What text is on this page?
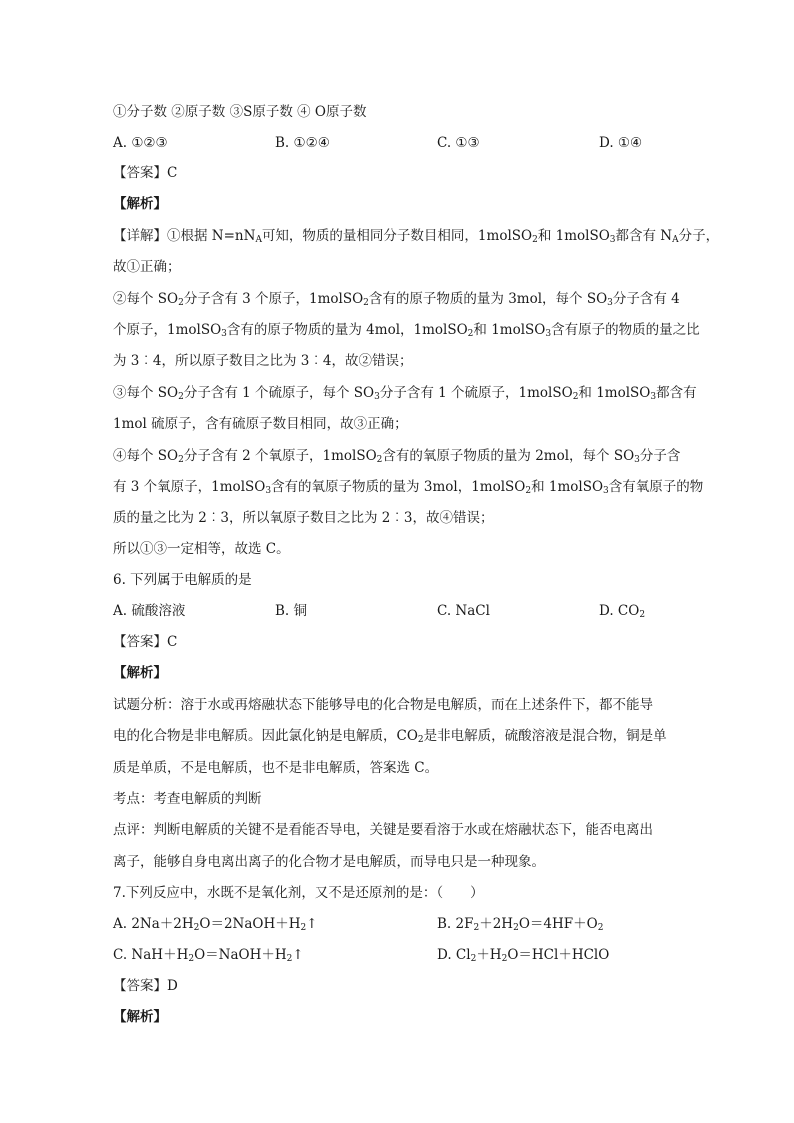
①分子数 ②原子数 ③S原子数 ④ O原子数
A. ①②③	B. ①②④	C. ①③	D. ①④
【答案】C
【解析】
【详解】①根据 $N=nN_A$可知，物质的量相同分子数目相同，1molSO$_2$和 1molSO$_3$都含有 $N_A$分子，
故①正确；
②每个 $SO_2$分子含有 3 个原子，1molSO$_2$含有的原子物质的量为 3mol，每个 $SO_3$分子含有 4
个原子，1molSO$_3$含有的原子物质的量为 4mol，1molSO$_2$和 1molSO$_3$含有原子的物质的量之比
为 3︰4，所以原子数目之比为 3︰4，故②错误；
③每个 $SO_2$分子含有 1 个硫原子，每个 $SO_3$分子含有 1 个硫原子，1molSO$_2$和 1molSO$_3$都含有
1mol 硫原子，含有硫原子数目相同，故③正确；
④每个 $SO_2$分子含有 2 个氧原子，1molSO$_2$含有的氧原子物质的量为 2mol，每个 $SO_3$分子含
有 3 个氧原子，1molSO$_3$含有的氧原子物质的量为 3mol，1molSO$_2$和 1molSO$_3$含有氧原子的物
质的量之比为 2︰3，所以氧原子数目之比为 2︰3，故④错误；
所以①③一定相等，故选 C。
6. 下列属于电解质的是
A. 硫酸溶液	B. 铜	C. NaCl	D. $CO_2$
【答案】C
【解析】
试题分析：溶于水或再熔融状态下能够导电的化合物是电解质，而在上述条件下，都不能导
电的化合物是非电解质。因此氯化钠是电解质，$CO_2$是非电解质，硫酸溶液是混合物，铜是单
质是单质，不是电解质，也不是非电解质，答案选 C。
考点：考查电解质的判断
点评：判断电解质的关键不是看能否导电，关键是要看溶于水或在熔融状态下，能否电离出
离子，能够自身电离出离子的化合物才是电解质，而导电只是一种现象。
7.下列反应中，水既不是氧化剂，又不是还原剂的是：（　　）
A. $2Na+2H_2O=2NaOH+H_2↑$	B. $2F_2+2H_2O=4HF+O_2$
C. $NaH+H_2O=NaOH+H_2↑$	D. $Cl_2+H_2O=HCl+HClO$
【答案】D
【解析】
